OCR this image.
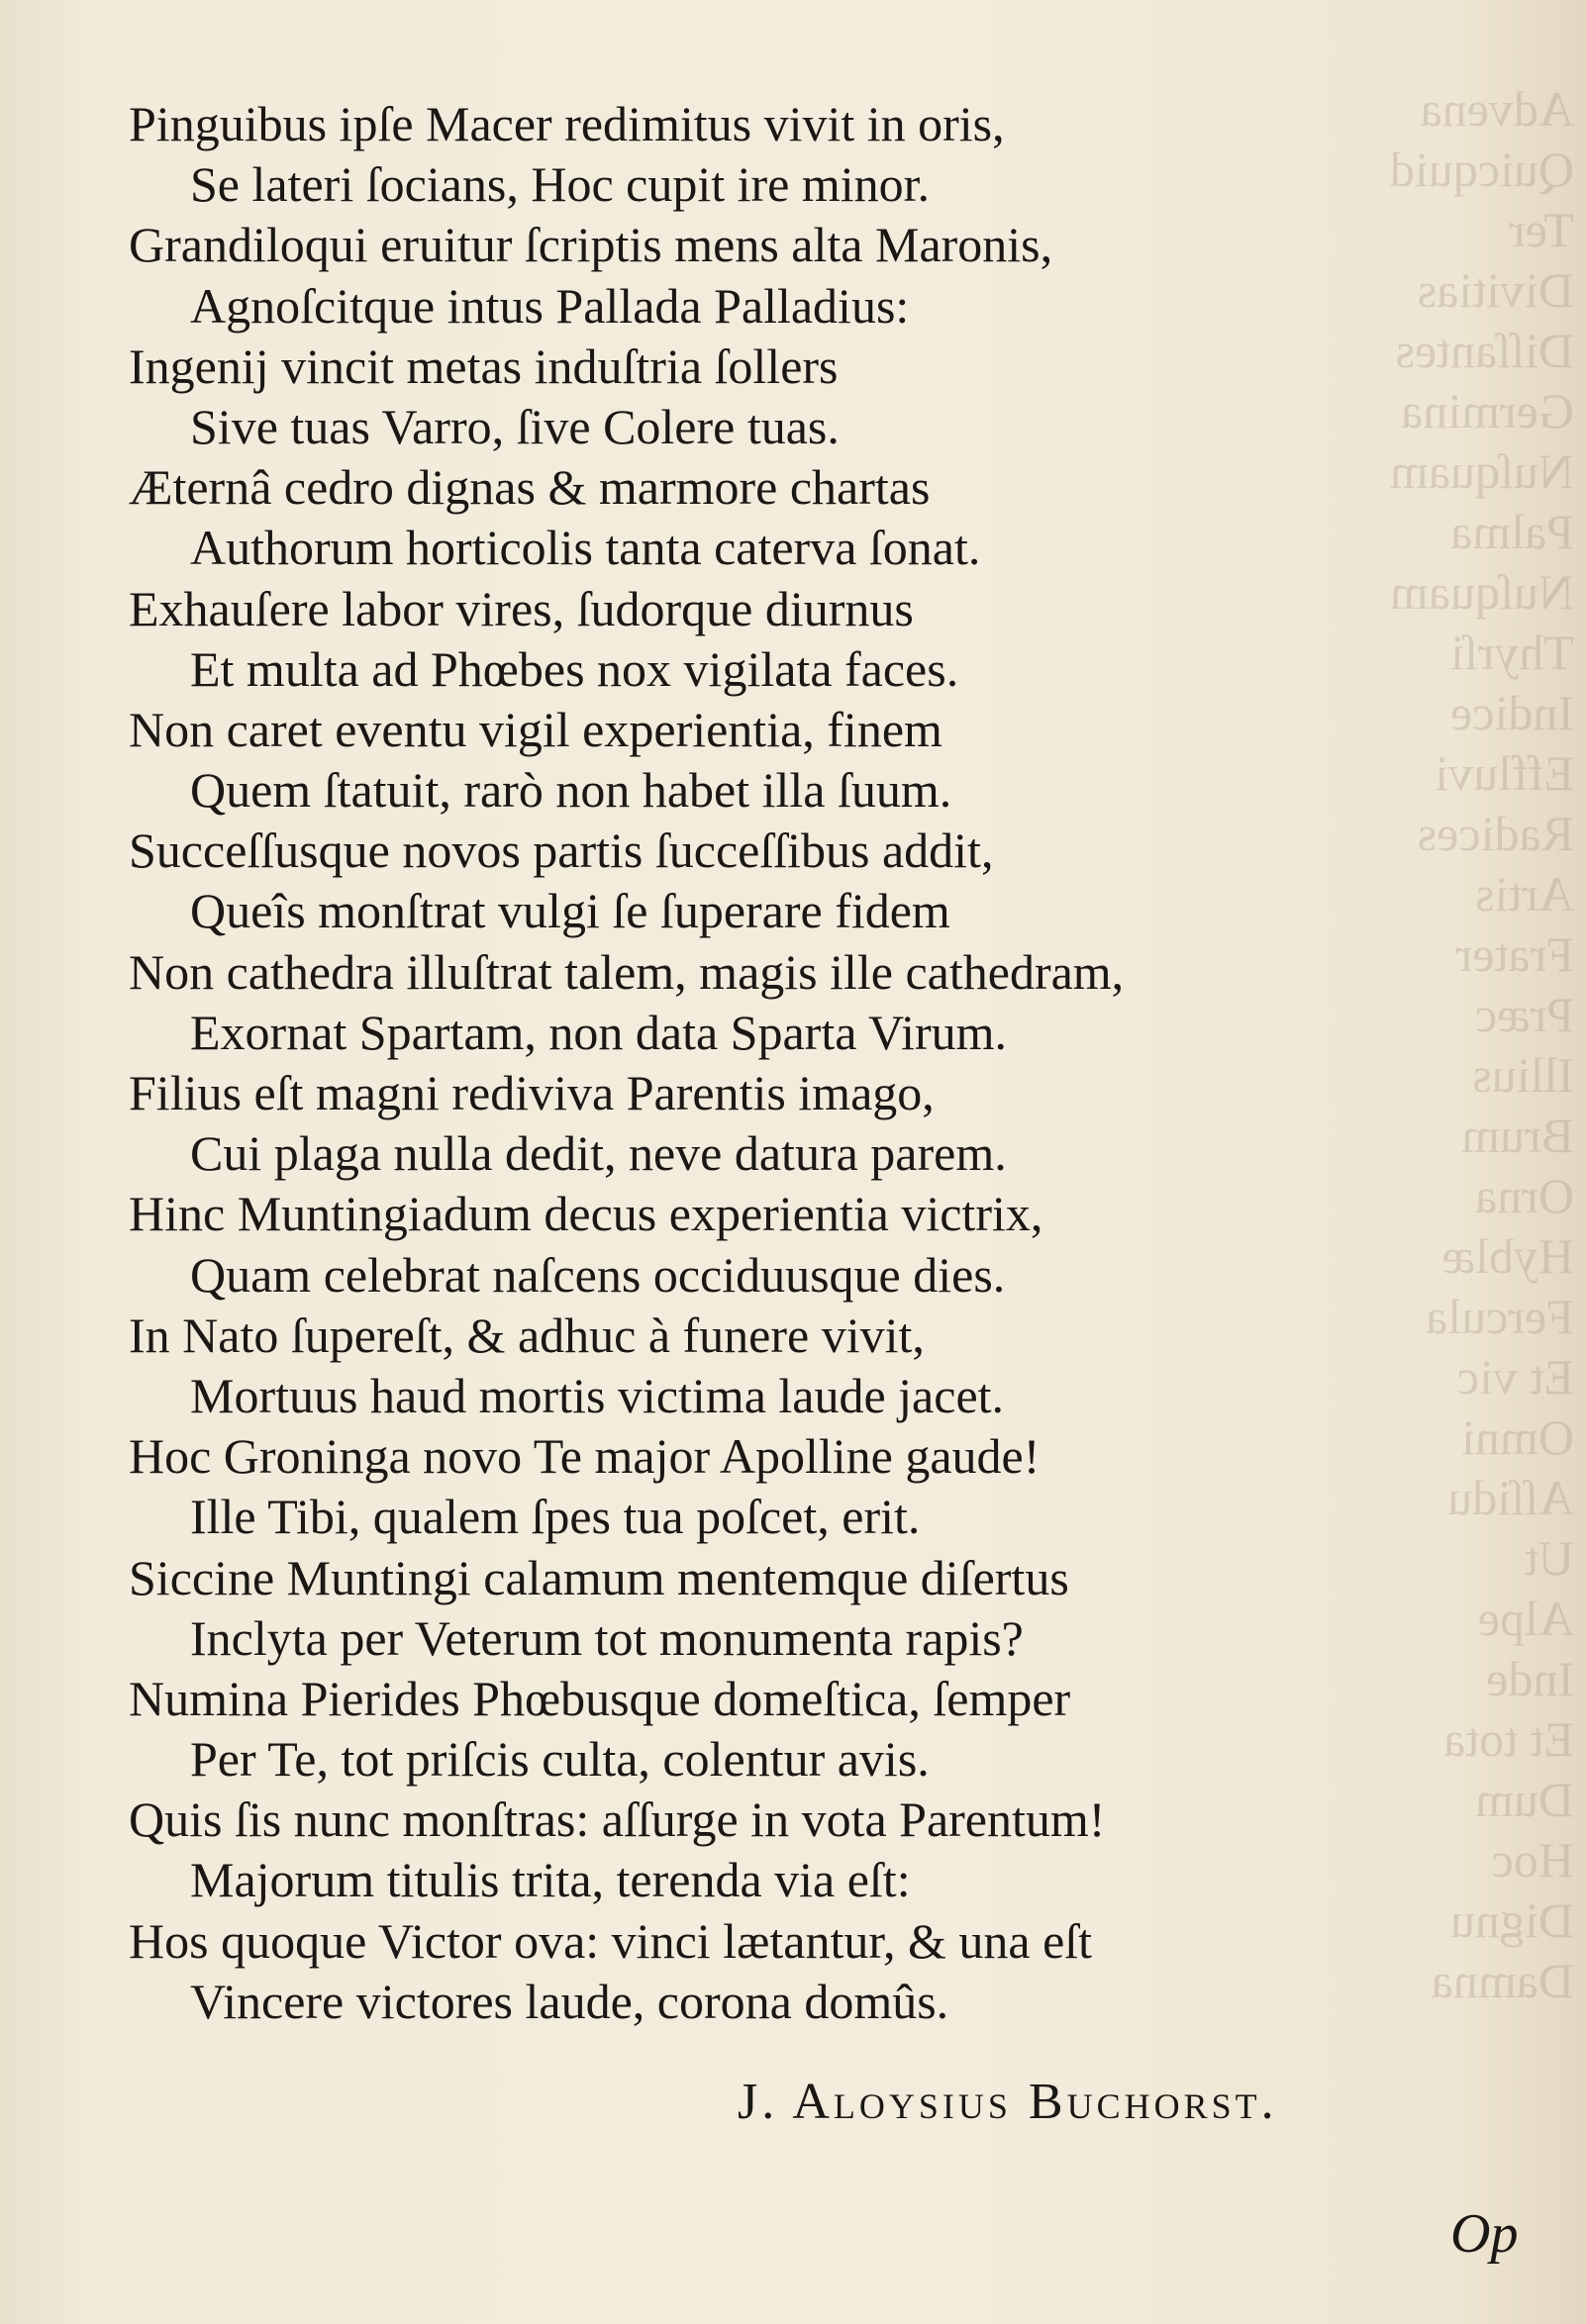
Advena
Quicquid
Ter
Divitias
Diſſantes
Germina
Nuſquam
Palma
Nuſquam
Thyrſi
Indice
Effluvi
Radices
Artis
Frater
Præc
Illius
Brum
Orna
Hyblæ
Fercula
Et vic
Omni
Aſſidu
Ut
Alpe
Inde
Et tota
Dum
Hoc
Dignu
Damna
Pinguibus ipſe Macer redimitus vivit in oris,
Se lateri ſocians, Hoc cupit ire minor.
Grandiloqui eruitur ſcriptis mens alta Maronis,
Agnoſcitque intus Pallada Palladius:
Ingenij vincit metas induſtria ſollers
Sive tuas Varro, ſive Colere tuas.
Æternâ cedro dignas & marmore chartas
Authorum horticolis tanta caterva ſonat.
Exhauſere labor vires, ſudorque diurnus
Et multa ad Phœbes nox vigilata faces.
Non caret eventu vigil experientia, finem
Quem ſtatuit, rarò non habet illa ſuum.
Succeſſusque novos partis ſucceſſibus addit,
Queîs monſtrat vulgi ſe ſuperare fidem
Non cathedra illuſtrat talem, magis ille cathedram,
Exornat Spartam, non data Sparta Virum.
Filius eſt magni rediviva Parentis imago,
Cui plaga nulla dedit, neve datura parem.
Hinc Muntingiadum decus experientia victrix,
Quam celebrat naſcens occiduusque dies.
In Nato ſupereſt, & adhuc à funere vivit,
Mortuus haud mortis victima laude jacet.
Hoc Groninga novo Te major Apolline gaude!
Ille Tibi, qualem ſpes tua poſcet, erit.
Siccine Muntingi calamum mentemque diſertus
Inclyta per Veterum tot monumenta rapis?
Numina Pierides Phœbusque domeſtica, ſemper
Per Te, tot priſcis culta, colentur avis.
Quis ſis nunc monſtras: aſſurge in vota Parentum!
Majorum titulis trita, terenda via eſt:
Hos quoque Victor ova: vinci lætantur, & una eſt
Vincere victores laude, corona domûs.
J. Aloysius Buchorst.
Op
